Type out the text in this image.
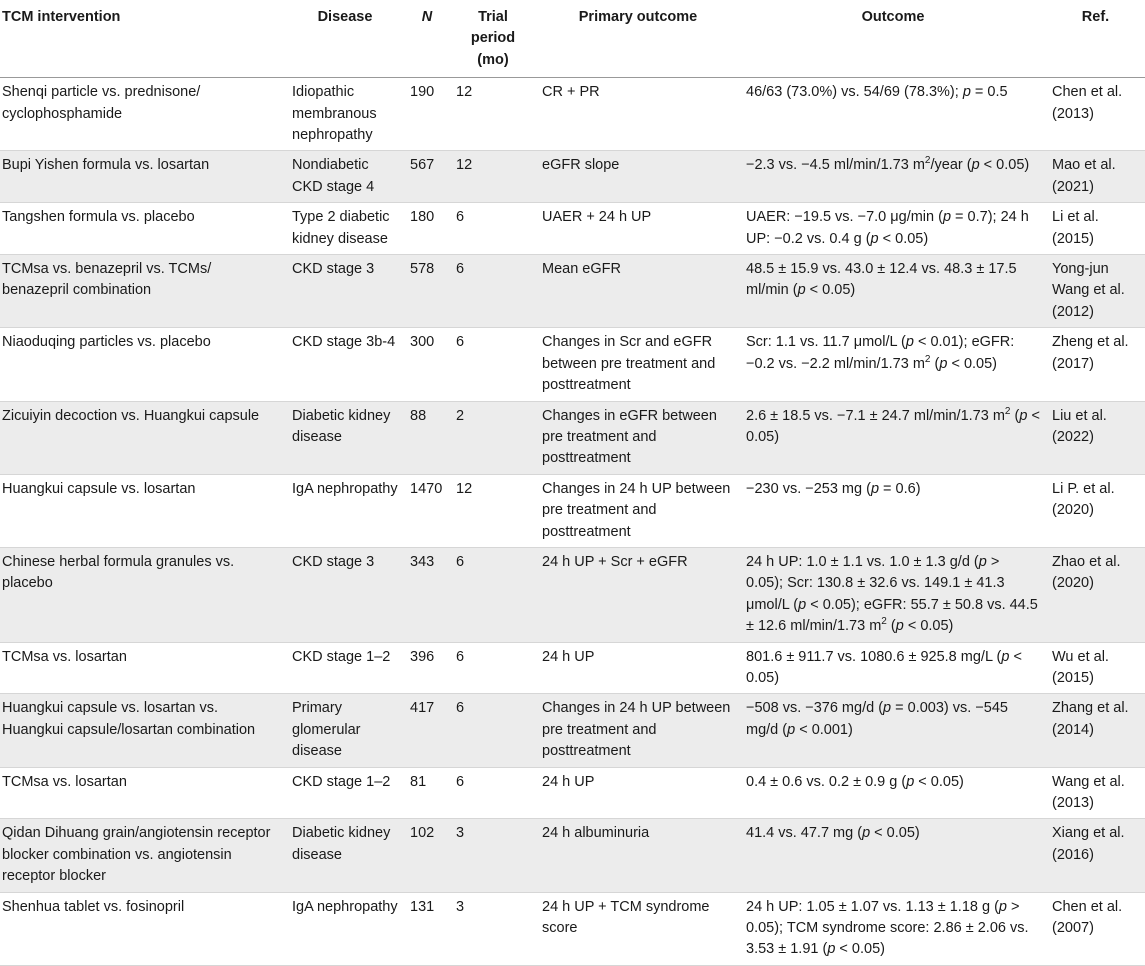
TCM intervention	Disease	N	Trial period (mo)	Primary outcome	Outcome	Ref.
Shenqi particle vs. prednisone/ cyclophosphamide	Idiopathic membranous nephropathy	190	12	CR + PR	46/63 (73.0%) vs. 54/69 (78.3%); p = 0.5	Chen et al. (2013)
Bupi Yishen formula vs. losartan	Nondiabetic CKD stage 4	567	12	eGFR slope	−2.3 vs. −4.5 ml/min/1.73 $m^2$/year (p < 0.05)	Mao et al. (2021)
Tangshen formula vs. placebo	Type 2 diabetic kidney disease	180	6	UAER + 24 h UP	UAER: −19.5 vs. −7.0 μg/min (p = 0.7); 24 h UP: −0.2 vs. 0.4 g (p < 0.05)	Li et al. (2015)
TCMsa vs. benazepril vs. TCMs/ benazepril combination	CKD stage 3	578	6	Mean eGFR	48.5 ± 15.9 vs. 43.0 ± 12.4 vs. 48.3 ± 17.5 ml/min (p < 0.05)	Yong-jun Wang et al. (2012)
Niaoduqing particles vs. placebo	CKD stage 3b-4	300	6	Changes in Scr and eGFR between pre treatment and posttreatment	Scr: 1.1 vs. 11.7 μmol/L (p < 0.01); eGFR: −0.2 vs. −2.2 ml/min/1.73 $m^2$ (p < 0.05)	Zheng et al. (2017)
Zicuiyin decoction vs. Huangkui capsule	Diabetic kidney disease	88	2	Changes in eGFR between pre treatment and posttreatment	2.6 ± 18.5 vs. −7.1 ± 24.7 ml/min/1.73 $m^2$ (p < 0.05)	Liu et al. (2022)
Huangkui capsule vs. losartan	IgA nephropathy	1470	12	Changes in 24 h UP between pre treatment and posttreatment	−230 vs. −253 mg (p = 0.6)	Li P. et al. (2020)
Chinese herbal formula granules vs. placebo	CKD stage 3	343	6	24 h UP + Scr + eGFR	24 h UP: 1.0 ± 1.1 vs. 1.0 ± 1.3 g/d (p > 0.05); Scr: 130.8 ± 32.6 vs. 149.1 ± 41.3 μmol/L (p < 0.05); eGFR: 55.7 ± 50.8 vs. 44.5 ± 12.6 ml/min/1.73 $m^2$ (p < 0.05)	Zhao et al. (2020)
TCMsa vs. losartan	CKD stage 1–2	396	6	24 h UP	801.6 ± 911.7 vs. 1080.6 ± 925.8 mg/L (p < 0.05)	Wu et al. (2015)
Huangkui capsule vs. losartan vs. Huangkui capsule/losartan combination	Primary glomerular disease	417	6	Changes in 24 h UP between pre treatment and posttreatment	−508 vs. −376 mg/d (p = 0.003) vs. −545 mg/d (p < 0.001)	Zhang et al. (2014)
TCMsa vs. losartan	CKD stage 1–2	81	6	24 h UP	0.4 ± 0.6 vs. 0.2 ± 0.9 g (p < 0.05)	Wang et al. (2013)
Qidan Dihuang grain/angiotensin receptor blocker combination vs. angiotensin receptor blocker	Diabetic kidney disease	102	3	24 h albuminuria	41.4 vs. 47.7 mg (p < 0.05)	Xiang et al. (2016)
Shenhua tablet vs. fosinopril	IgA nephropathy	131	3	24 h UP + TCM syndrome score	24 h UP: 1.05 ± 1.07 vs. 1.13 ± 1.18 g (p > 0.05); TCM syndrome score: 2.86 ± 2.06 vs. 3.53 ± 1.91 (p < 0.05)	Chen et al. (2007)
